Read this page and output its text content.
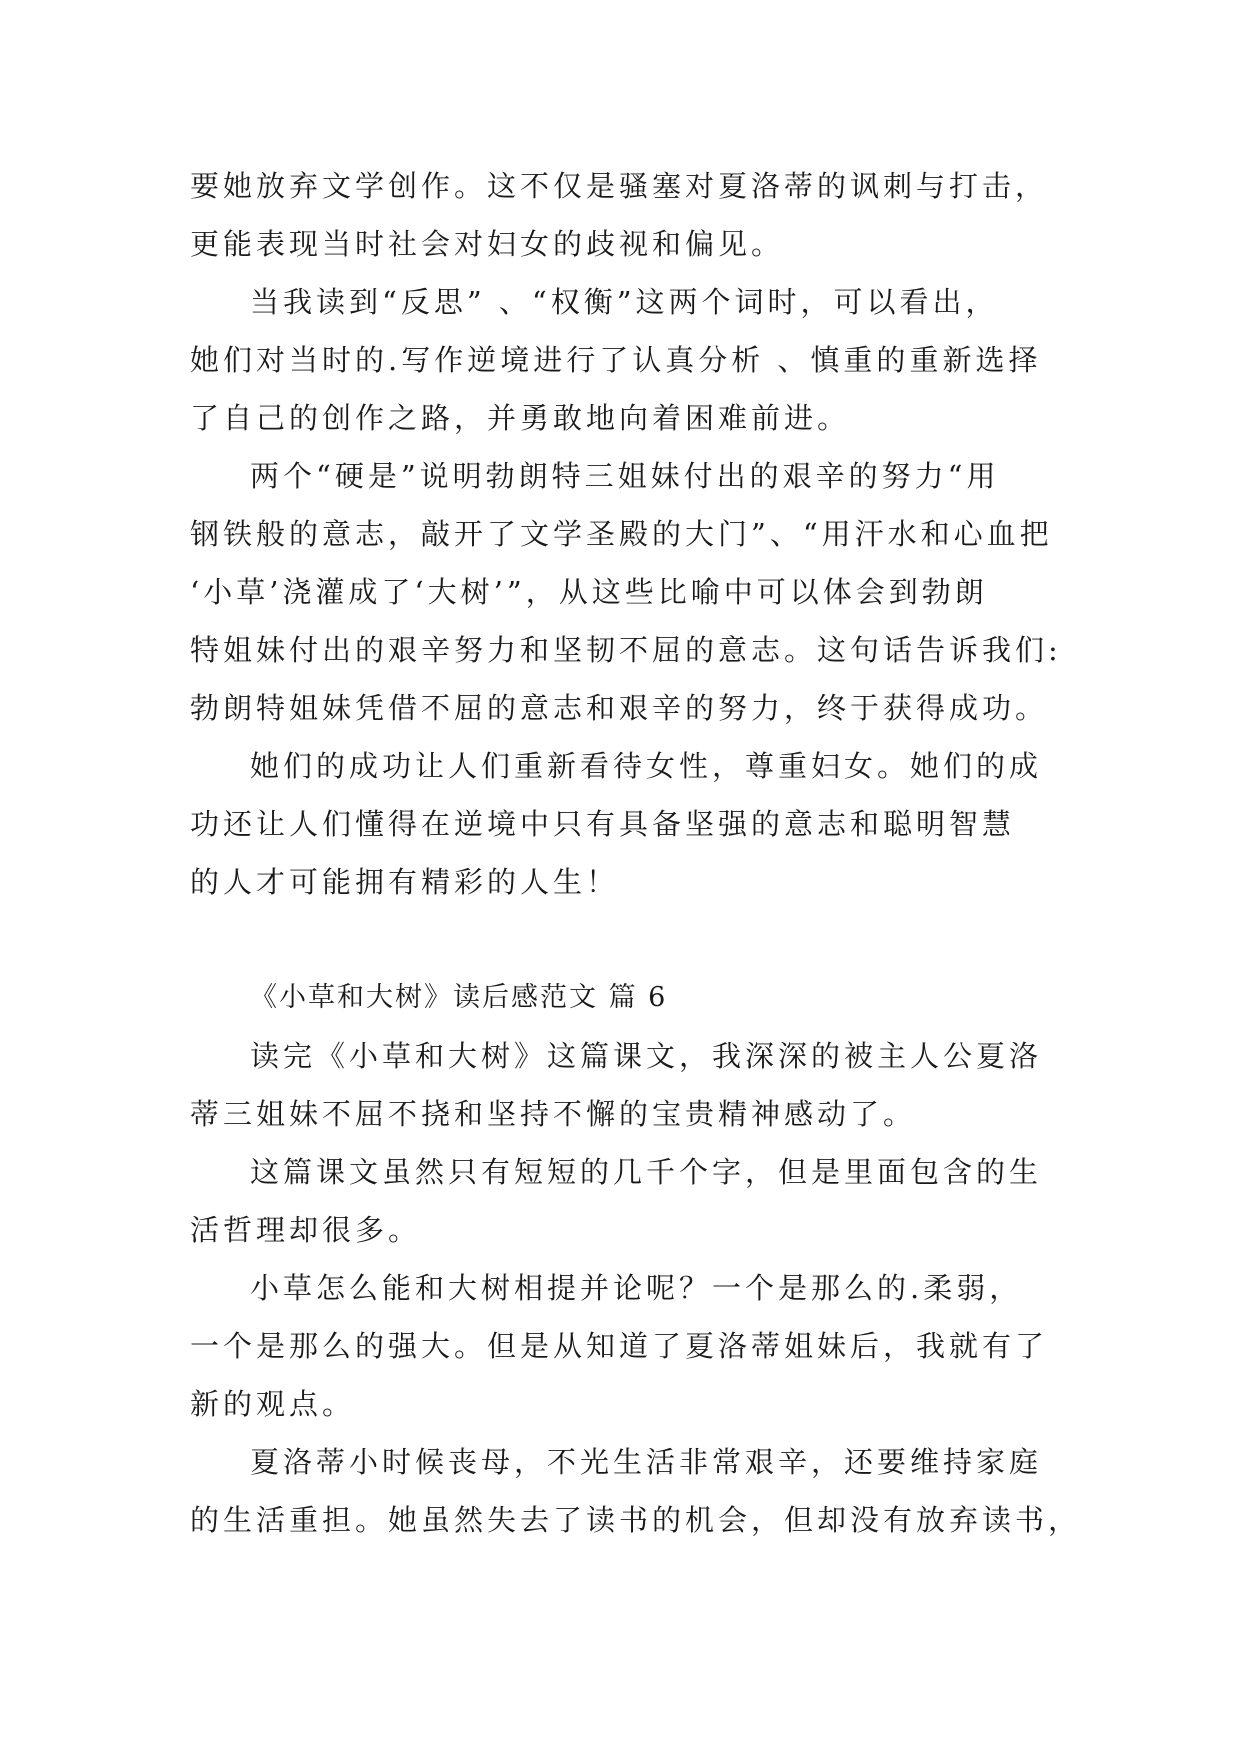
要她放弃文学创作。这不仅是骚塞对夏洛蒂的讽刺与打击，
更能表现当时社会对妇女的歧视和偏见。
当我读到“反思” 、“权衡”这两个词时，可以看出，
她们对当时的.写作逆境进行了认真分析 、慎重的重新选择
了自己的创作之路，并勇敢地向着困难前进。
两个“硬是”说明勃朗特三姐妹付出的艰辛的努力“用
钢铁般的意志，敲开了文学圣殿的大门”、“用汗水和心血把
‘小草’浇灌成了‘大树’”，从这些比喻中可以体会到勃朗
特姐妹付出的艰辛努力和坚韧不屈的意志。这句话告诉我们:
勃朗特姐妹凭借不屈的意志和艰辛的努力，终于获得成功。
她们的成功让人们重新看待女性，尊重妇女。她们的成
功还让人们懂得在逆境中只有具备坚强的意志和聪明智慧
的人才可能拥有精彩的人生！
《小草和大树》读后感范文 篇 6
读完《小草和大树》这篇课文，我深深的被主人公夏洛
蒂三姐妹不屈不挠和坚持不懈的宝贵精神感动了。
这篇课文虽然只有短短的几千个字，但是里面包含的生
活哲理却很多。
小草怎么能和大树相提并论呢？一个是那么的.柔弱，
一个是那么的强大。但是从知道了夏洛蒂姐妹后，我就有了
新的观点。
夏洛蒂小时候丧母，不光生活非常艰辛，还要维持家庭
的生活重担。她虽然失去了读书的机会，但却没有放弃读书，
